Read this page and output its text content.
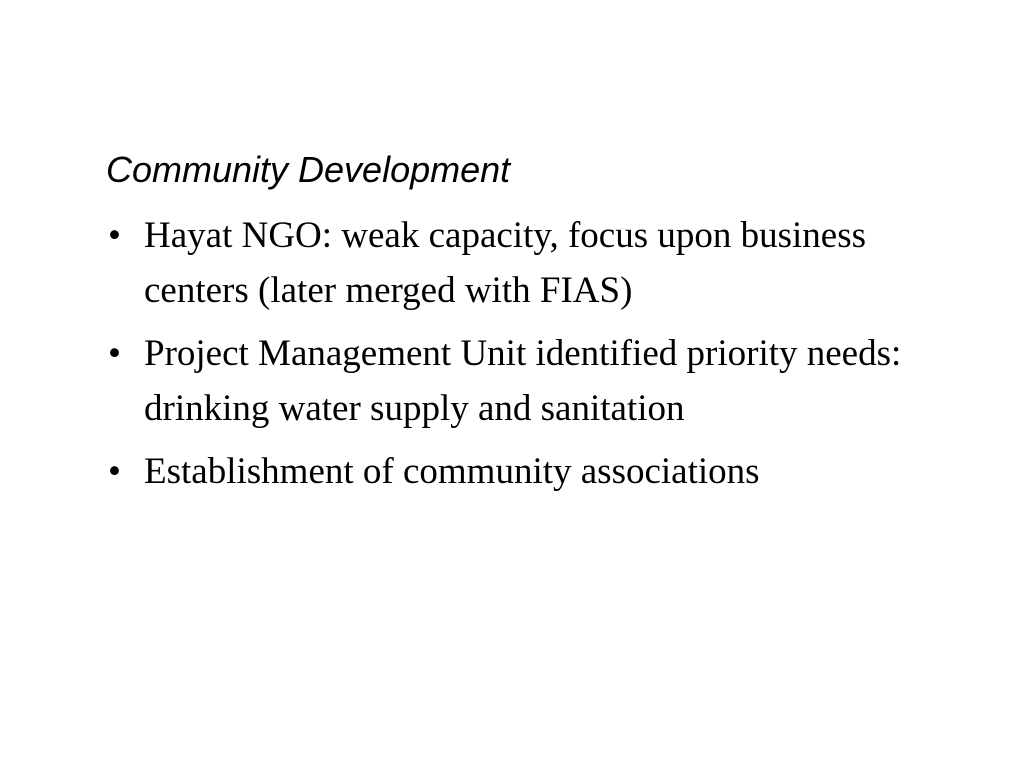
Community Development
• Hayat NGO: weak capacity, focus upon business centers (later merged with FIAS)
• Project Management Unit identified priority needs: drinking water supply and sanitation
• Establishment of community associations
